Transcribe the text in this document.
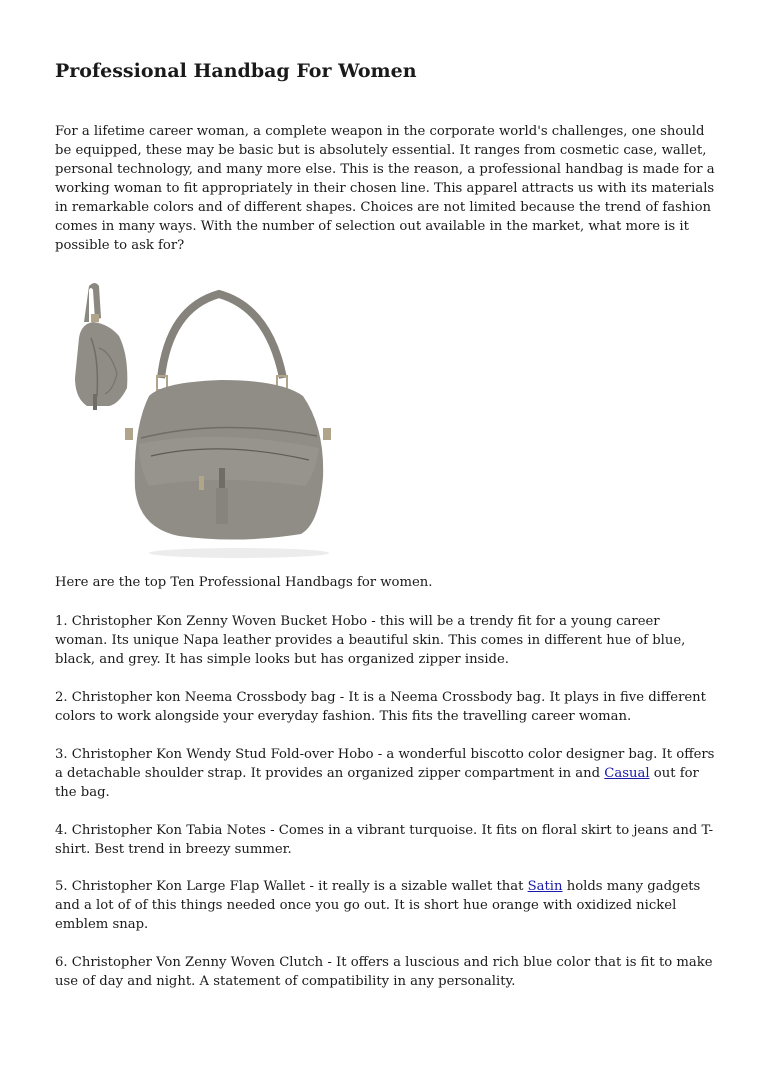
Professional Handbag For Women

For a lifetime career woman, a complete weapon in the corporate world's challenges, one should be equipped, these may be basic but is absolutely essential. It ranges from cosmetic case, wallet, personal technology, and many more else. This is the reason, a professional handbag is made for a working woman to fit appropriately in their chosen line. This apparel attracts us with its materials in remarkable colors and of different shapes. Choices are not limited because the trend of fashion comes in many ways. With the number of selection out available in the market, what more is it possible to ask for?

Here are the top Ten Professional Handbags for women.

1. Christopher Kon Zenny Woven Bucket Hobo - this will be a trendy fit for a young career woman. Its unique Napa leather provides a beautiful skin. This comes in different hue of blue, black, and grey. It has simple looks but has organized zipper inside.

2. Christopher kon Neema Crossbody bag - It is a Neema Crossbody bag. It plays in five different colors to work alongside your everyday fashion. This fits the travelling career woman.

3. Christopher Kon Wendy Stud Fold-over Hobo - a wonderful biscotto color designer bag. It offers a detachable shoulder strap. It provides an organized zipper compartment in and Casual out for the bag.

4. Christopher Kon Tabia Notes - Comes in a vibrant turquoise. It fits on floral skirt to jeans and T-shirt. Best trend in breezy summer.

5. Christopher Kon Large Flap Wallet - it really is a sizable wallet that Satin holds many gadgets and a lot of of this things needed once you go out. It is short hue orange with oxidized nickel emblem snap.

6. Christopher Von Zenny Woven Clutch - It offers a luscious and rich blue color that is fit to make use of day and night. A statement of compatibility in any personality.
